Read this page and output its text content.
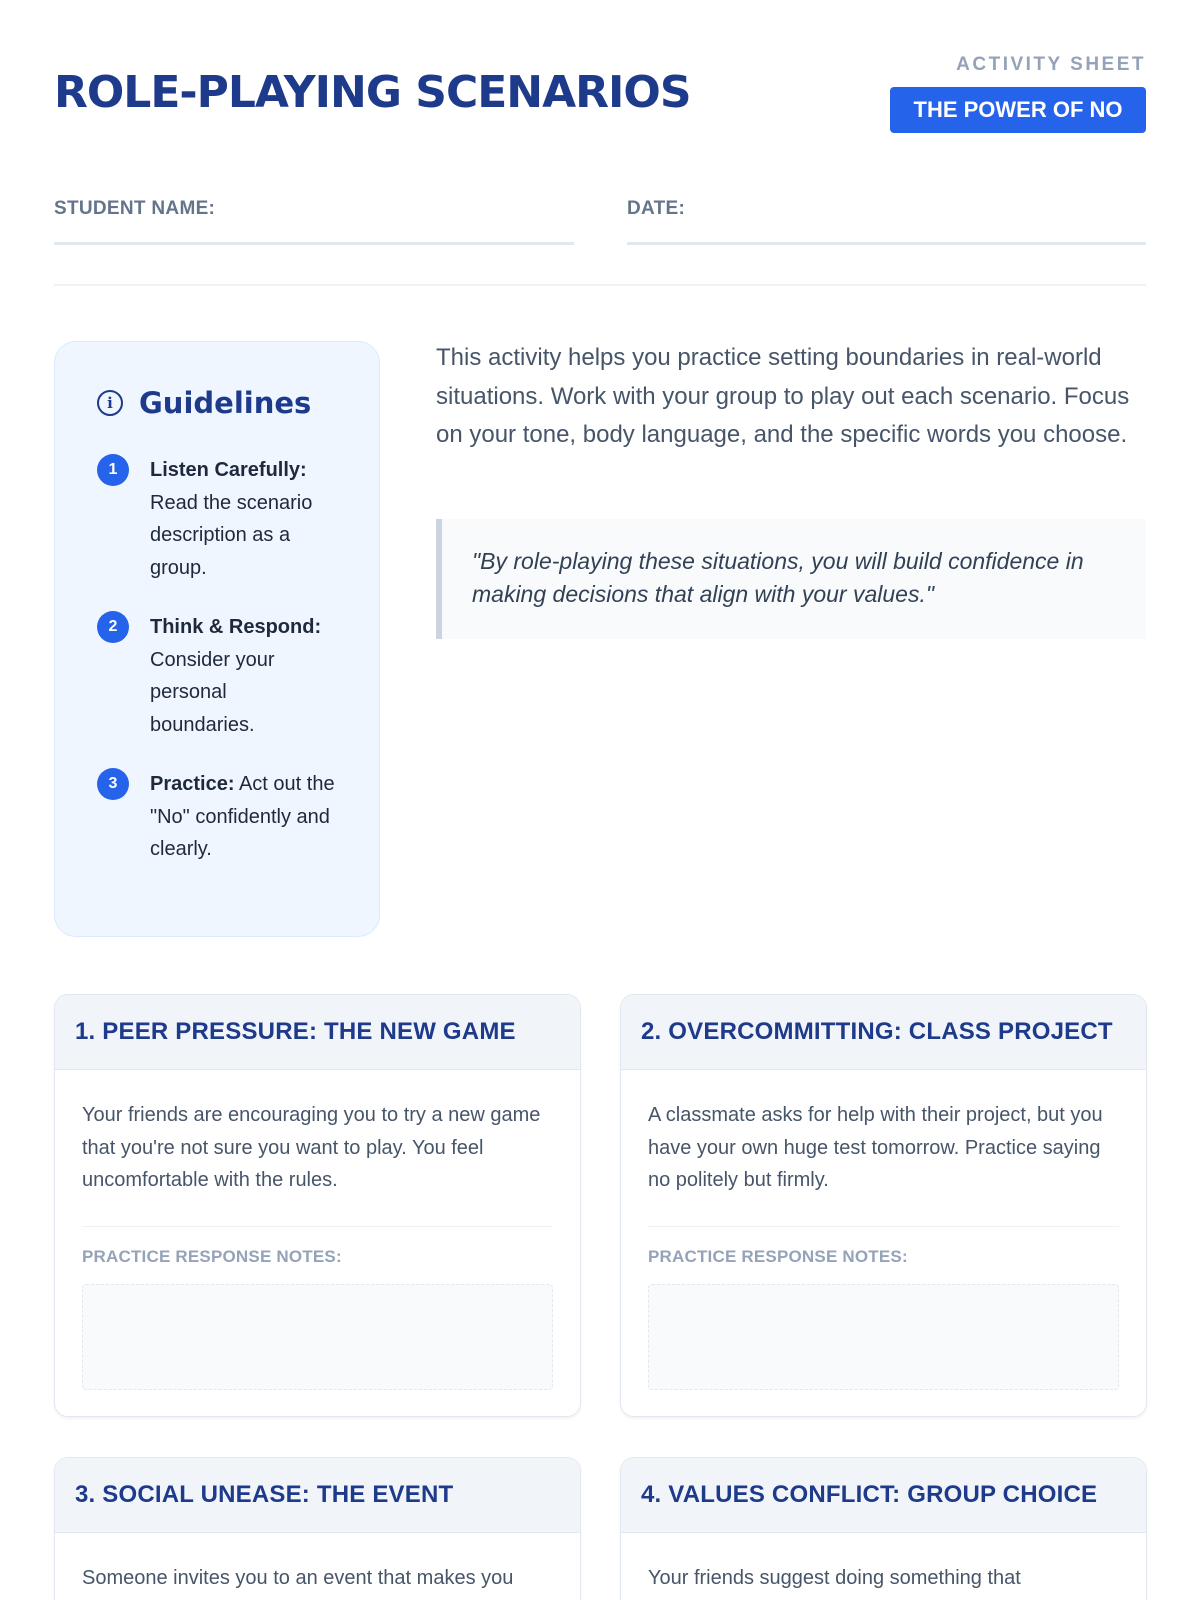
ROLE-PLAYING SCENARIOS
ACTIVITY SHEET
THE POWER OF NO
STUDENT NAME:	DATE:
i Guidelines
1	Listen Carefully: Read the scenario description as a group.
2	Think & Respond: Consider your personal boundaries.
3	Practice: Act out the "No" confidently and clearly.

This activity helps you practice setting boundaries in real-world situations. Work with your group to play out each scenario. Focus on your tone, body language, and the specific words you choose.

"By role-playing these situations, you will build confidence in making decisions that align with your values."
1. PEER PRESSURE: THE NEW GAME

Your friends are encouraging you to try a new game that you're not sure you want to play. You feel uncomfortable with the rules.

PRACTICE RESPONSE NOTES:
2. OVERCOMMITTING: CLASS PROJECT

A classmate asks for help with their project, but you have your own huge test tomorrow. Practice saying no politely but firmly.

PRACTICE RESPONSE NOTES:
3. SOCIAL UNEASE: THE EVENT

Someone invites you to an event that makes you

4. VALUES CONFLICT: GROUP CHOICE

Your friends suggest doing something that
